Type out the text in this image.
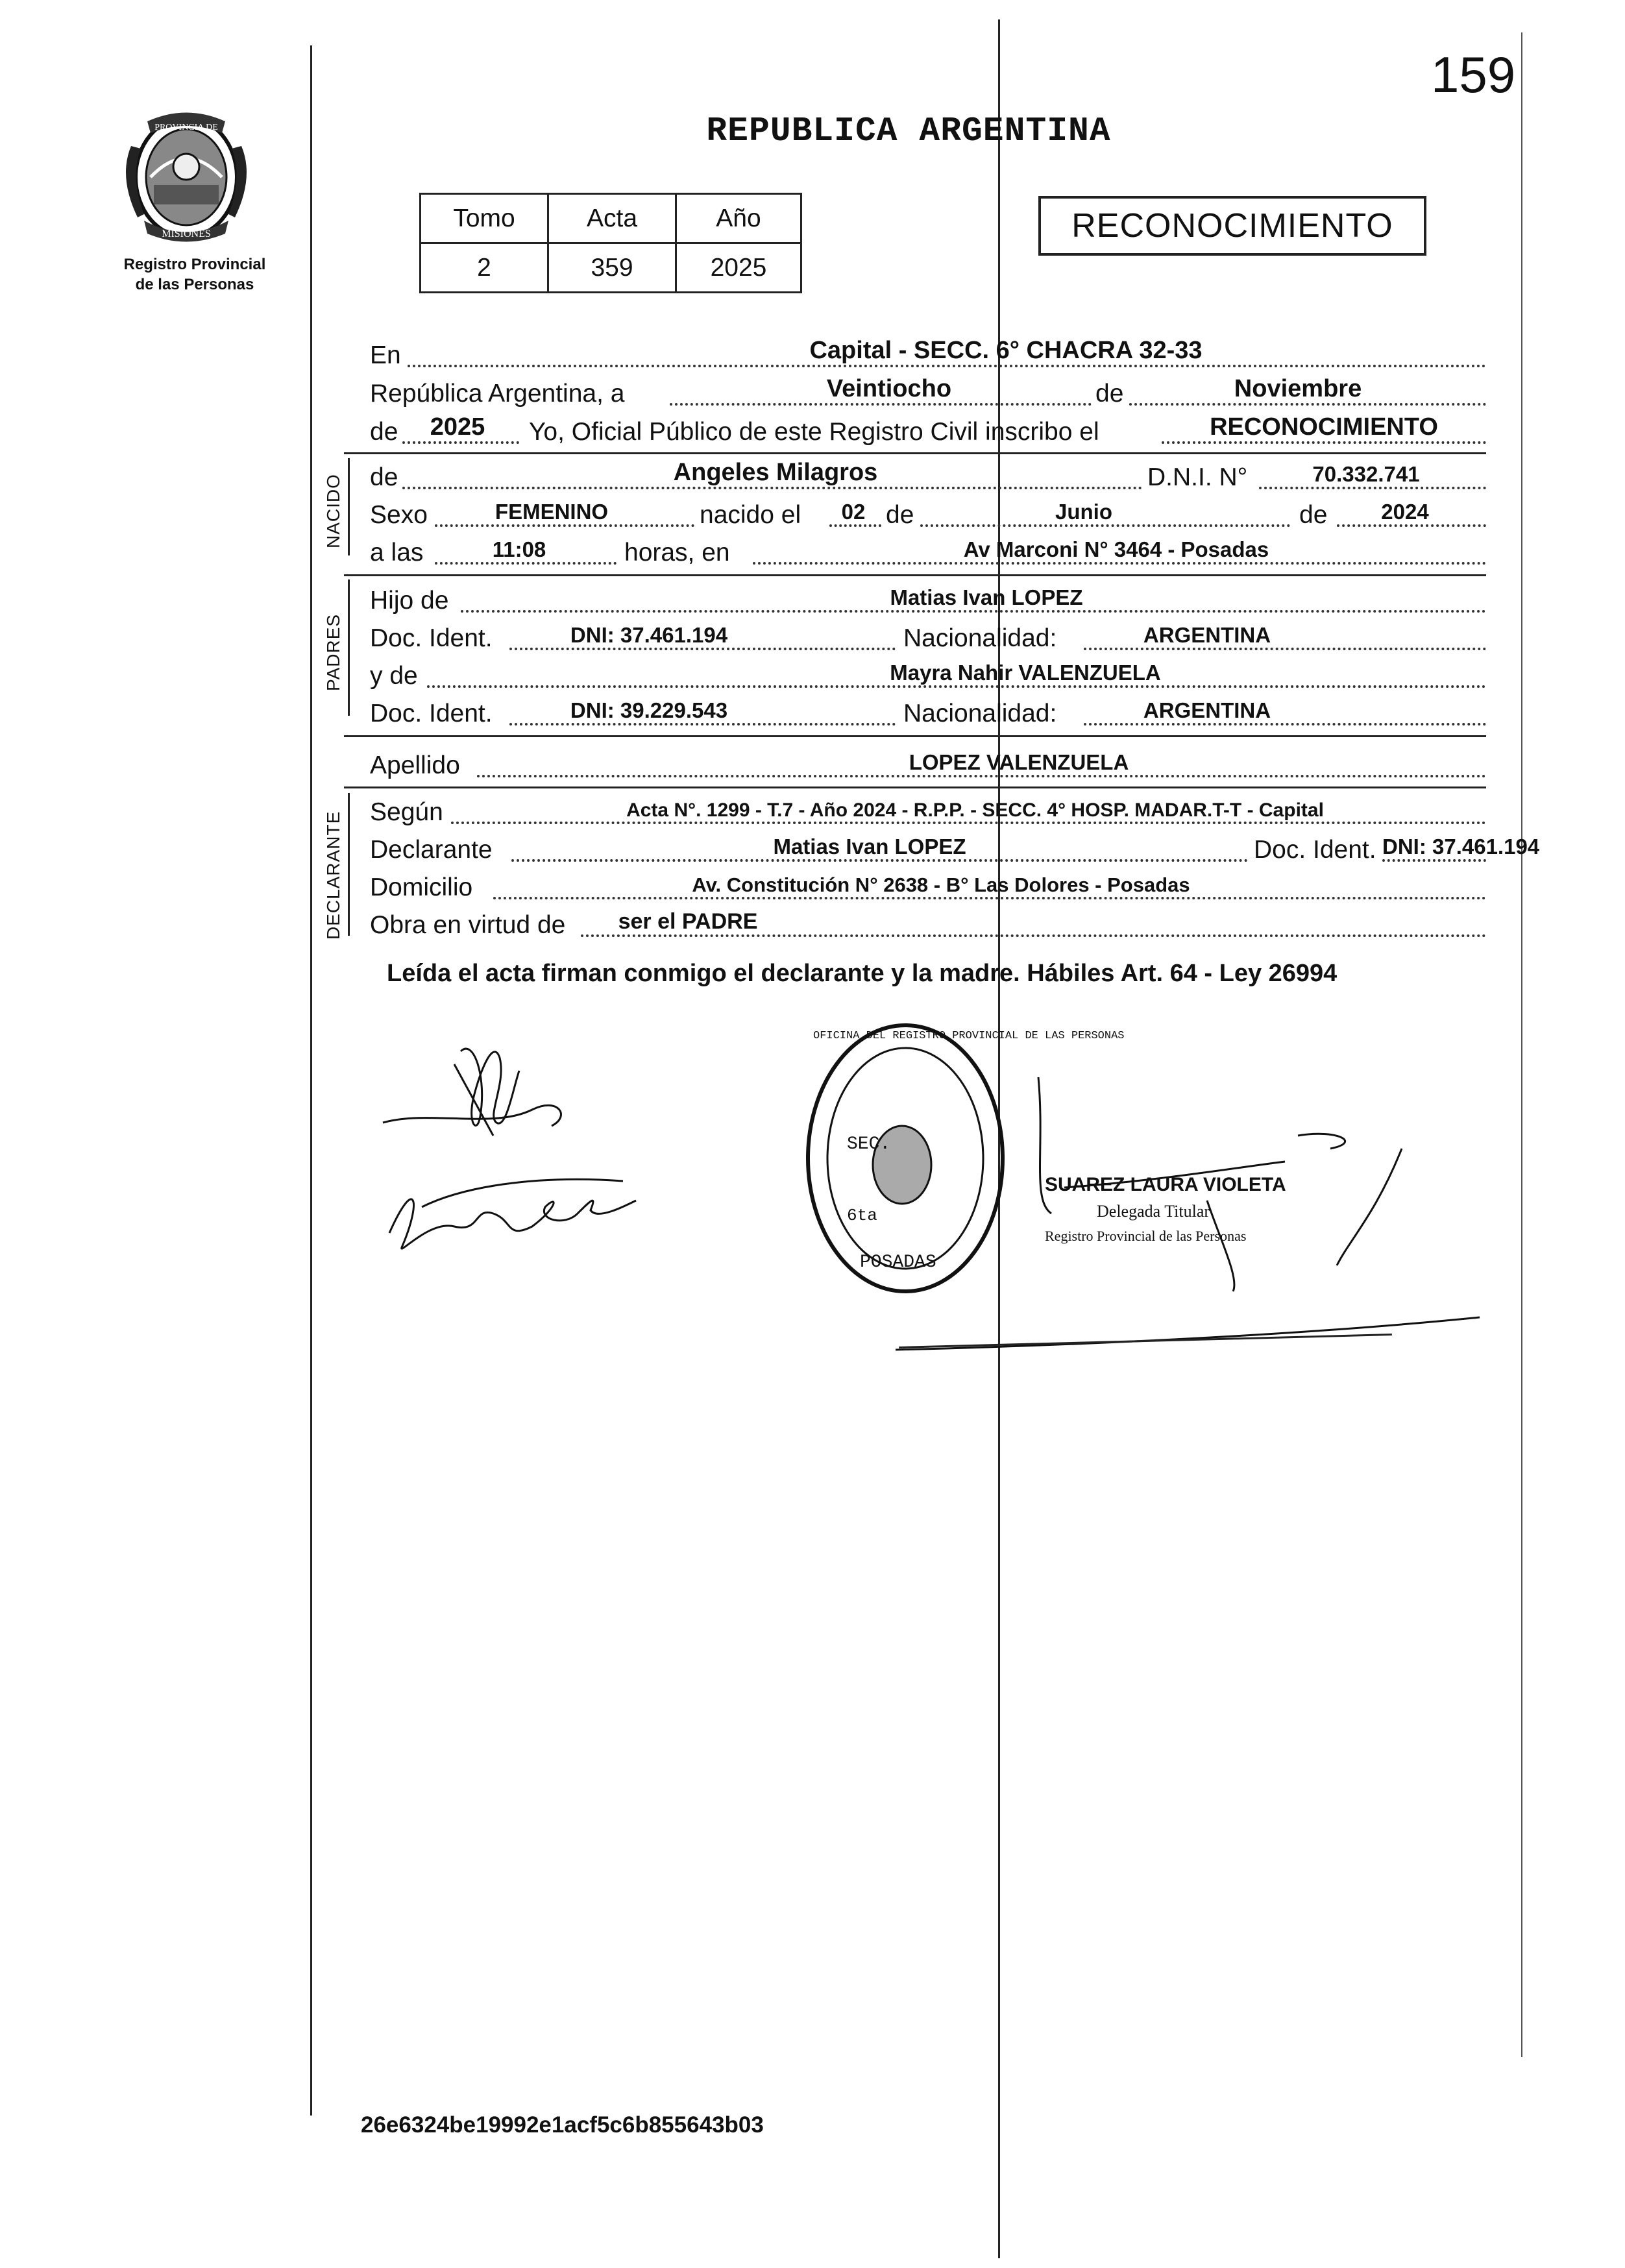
159
PROVINCIA DE
MISIONES
Registro Provincial
de las Personas
REPUBLICA ARGENTINA
Tomo	Acta	Año
2	359	2025
RECONOCIMIENTO
En	Capital - SECC. 6° CHACRA 32-33
República Argentina, a	Veintiocho	de	Noviembre
de	2025	Yo, Oficial Público de este Registro Civil inscribo el	RECONOCIMIENTO
NACIDO de	Angeles Milagros	D.N.I. N°	70.332.741
Sexo	FEMENINO	nacido el	02 de	Junio	de	2024
a las	11:08	horas, en	Av Marconi N° 3464 - Posadas
PADRES
Hijo de	Matias Ivan LOPEZ
Doc. Ident.	DNI: 37.461.194	Nacionalidad:	ARGENTINA
y de	Mayra Nahir VALENZUELA
Doc. Ident.	DNI: 39.229.543	Nacionalidad:	ARGENTINA
Apellido	LOPEZ VALENZUELA
DECLARANTE Según	Acta N°. 1299 - T.7 - Año 2024 - R.P.P. - SECC. 4° HOSP. MADAR.T-T - Capital
Declarante	Matias Ivan LOPEZ	Doc. Ident. DNI: 37.461.194
Domicilio	Av. Constitución N° 2638 - B° Las Dolores - Posadas
Obra en virtud de	ser el PADRE
Leída el acta firman conmigo el declarante y la madre. Hábiles Art. 64 - Ley 26994
SEC.
6ta
POSADAS
OFICINA DEL REGISTRO PROVINCIAL DE LAS PERSONAS
SUAREZ LAURA VIOLETA
Delegada Titular
Registro Provincial de las Personas
26e6324be19992e1acf5c6b855643b03
